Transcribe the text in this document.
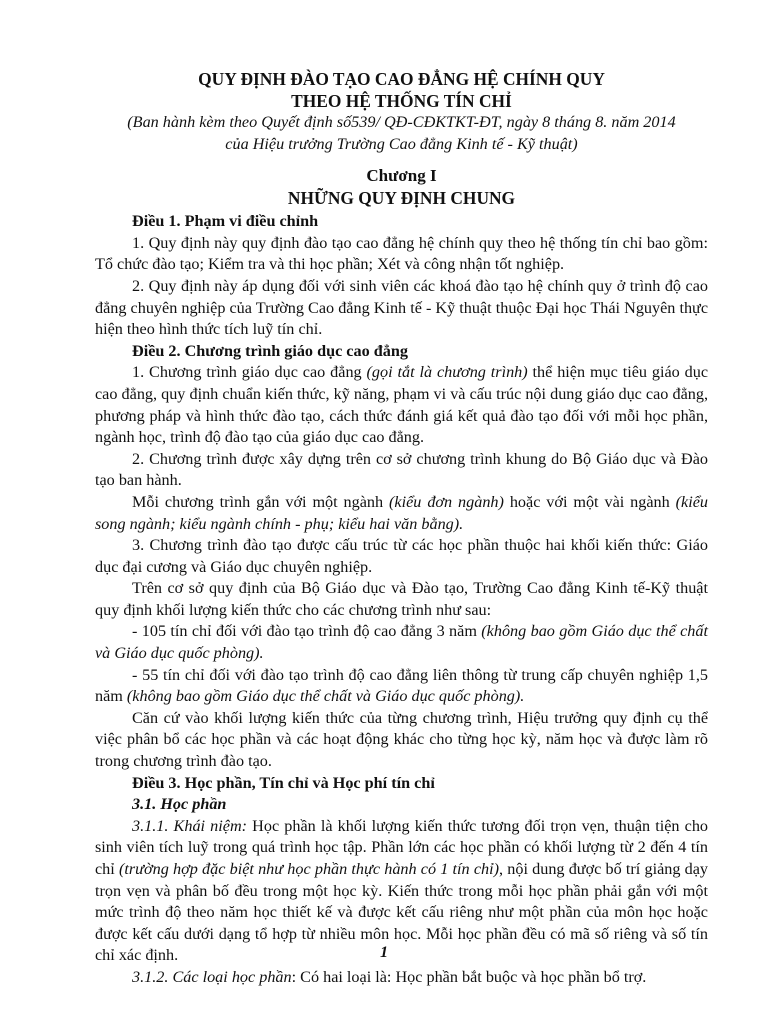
QUY ĐỊNH ĐÀO TẠO CAO ĐẲNG HỆ CHÍNH QUY

THEO HỆ THỐNG TÍN CHỈ

(Ban hành kèm theo Quyết định số539/ QĐ-CĐKTKT-ĐT, ngày 8 tháng 8. năm 2014

của Hiệu trưởng Trường Cao đẳng Kinh tế - Kỹ thuật)

Chương I

NHỮNG QUY ĐỊNH CHUNG

Điều 1. Phạm vi điều chỉnh

1. Quy định này quy định đào tạo cao đẳng hệ chính quy theo hệ thống tín chỉ bao gồm: Tổ chức đào tạo; Kiểm tra và thi học phần; Xét và công nhận tốt nghiệp.

2. Quy định này áp dụng đối với sinh viên các khoá đào tạo hệ chính quy ở trình độ cao đẳng chuyên nghiệp của Trường Cao đẳng Kinh tế - Kỹ thuật thuộc Đại học Thái Nguyên thực hiện theo hình thức tích luỹ tín chỉ.

Điều 2. Chương trình giáo dục cao đẳng

1. Chương trình giáo dục cao đẳng (gọi tắt là chương trình) thể hiện mục tiêu giáo dục cao đẳng, quy định chuẩn kiến thức, kỹ năng, phạm vi và cấu trúc nội dung giáo dục cao đẳng, phương pháp và hình thức đào tạo, cách thức đánh giá kết quả đào tạo đối với mỗi học phần, ngành học, trình độ đào tạo của giáo dục cao đẳng.

2. Chương trình được xây dựng trên cơ sở chương trình khung do Bộ Giáo dục và Đào tạo ban hành.

Mỗi chương trình gắn với một ngành (kiểu đơn ngành) hoặc với một vài ngành (kiểu song ngành; kiểu ngành chính - phụ; kiểu hai văn bằng).

3. Chương trình đào tạo được cấu trúc từ các học phần thuộc hai khối kiến thức: Giáo dục đại cương và Giáo dục chuyên nghiệp.

Trên cơ sở quy định của Bộ Giáo dục và Đào tạo, Trường Cao đẳng Kinh tế-Kỹ thuật quy định khối lượng kiến thức cho các chương trình như sau:

- 105 tín chỉ đối với đào tạo trình độ cao đẳng 3 năm (không bao gồm Giáo dục thể chất và Giáo dục quốc phòng).

- 55 tín chỉ đối với đào tạo trình độ cao đẳng liên thông từ trung cấp chuyên nghiệp 1,5 năm (không bao gồm Giáo dục thể chất và Giáo dục quốc phòng).

Căn cứ vào khối lượng kiến thức của từng chương trình, Hiệu trưởng quy định cụ thể việc phân bổ các học phần và các hoạt động khác cho từng học kỳ, năm học và được làm rõ trong chương trình đào tạo.

Điều 3. Học phần, Tín chỉ và Học phí tín chỉ

3.1. Học phần

3.1.1. Khái niệm: Học phần là khối lượng kiến thức tương đối trọn vẹn, thuận tiện cho sinh viên tích luỹ trong quá trình học tập. Phần lớn các học phần có khối lượng từ 2 đến 4 tín chỉ (trường hợp đặc biệt như học phần thực hành có 1 tín chỉ), nội dung được bố trí giảng dạy trọn vẹn và phân bố đều trong một học kỳ. Kiến thức trong mỗi học phần phải gắn với một mức trình độ theo năm học thiết kế và được kết cấu riêng như một phần của môn học hoặc được kết cấu dưới dạng tổ hợp từ nhiều môn học. Mỗi học phần đều có mã số riêng và số tín chỉ xác định.

3.1.2. Các loại học phần: Có hai loại là: Học phần bắt buộc và học phần bổ trợ.

1
